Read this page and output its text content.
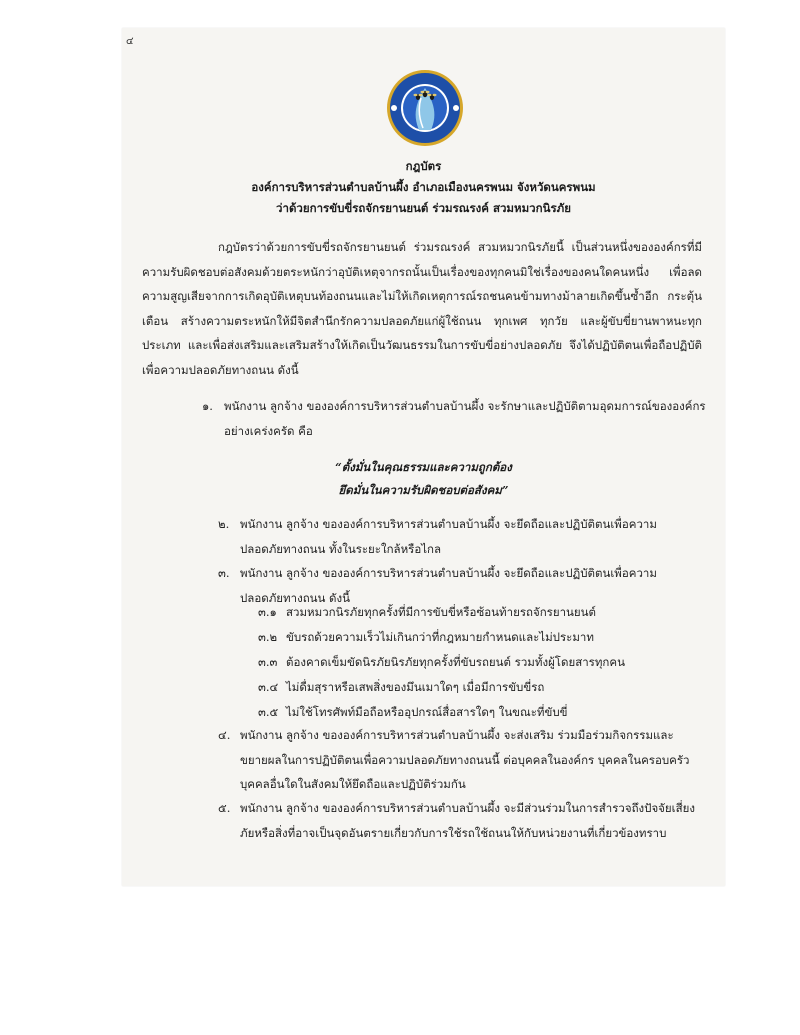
๔
กฎบัตร
องค์การบริหารส่วนตำบลบ้านผึ้ง อำเภอเมืองนครพนม จังหวัดนครพนม
ว่าด้วยการขับขี่รถจักรยานยนต์ ร่วมรณรงค์ สวมหมวกนิรภัย
กฎบัตรว่าด้วยการขับขี่รถจักรยานยนต์ ร่วมรณรงค์ สวมหมวกนิรภัยนี้ เป็นส่วนหนึ่งขององค์กรที่มีความรับผิดชอบต่อสังคมด้วยตระหนักว่าอุบัติเหตุจากรถนั้นเป็นเรื่องของทุกคนมิใช่เรื่องของคนใดคนหนึ่ง เพื่อลดความสูญเสียจากการเกิดอุบัติเหตุบนท้องถนนและไม่ให้เกิดเหตุการณ์รถชนคนข้ามทางม้าลายเกิดขึ้นซ้ำอีก กระตุ้นเตือน สร้างความตระหนักให้มีจิตสำนึกรักความปลอดภัยแก่ผู้ใช้ถนน ทุกเพศ ทุกวัย และผู้ขับขี่ยานพาหนะทุกประเภท และเพื่อส่งเสริมและเสริมสร้างให้เกิดเป็นวัฒนธรรมในการขับขี่อย่างปลอดภัย จึงได้ปฏิบัติตนเพื่อถือปฏิบัติเพื่อความปลอดภัยทางถนน ดังนี้
๑. พนักงาน ลูกจ้าง ขององค์การบริหารส่วนตำบลบ้านผึ้ง จะรักษาและปฏิบัติตามอุดมการณ์ขององค์กรอย่างเคร่งครัด คือ
“ตั้งมั่นในคุณธรรมและความถูกต้อง
ยึดมั่นในความรับผิดชอบต่อสังคม”
๒. พนักงาน ลูกจ้าง ขององค์การบริหารส่วนตำบลบ้านผึ้ง จะยึดถือและปฏิบัติตนเพื่อความปลอดภัยทางถนน ทั้งในระยะใกล้หรือไกล
๓. พนักงาน ลูกจ้าง ขององค์การบริหารส่วนตำบลบ้านผึ้ง จะยึดถือและปฏิบัติตนเพื่อความปลอดภัยทางถนน ดังนี้
๓.๑ สวมหมวกนิรภัยทุกครั้งที่มีการขับขี่หรือซ้อนท้ายรถจักรยานยนต์
๓.๒ ขับรถด้วยความเร็วไม่เกินกว่าที่กฎหมายกำหนดและไม่ประมาท
๓.๓ ต้องคาดเข็มขัดนิรภัยนิรภัยทุกครั้งที่ขับรถยนต์ รวมทั้งผู้โดยสารทุกคน
๓.๔ ไม่ดื่มสุราหรือเสพสิ่งของมึนเมาใดๆ เมื่อมีการขับขี่รถ
๓.๕ ไม่ใช้โทรศัพท์มือถือหรืออุปกรณ์สื่อสารใดๆ ในขณะที่ขับขี่
๔. พนักงาน ลูกจ้าง ขององค์การบริหารส่วนตำบลบ้านผึ้ง จะส่งเสริม ร่วมมือร่วมกิจกรรมและขยายผลในการปฏิบัติตนเพื่อความปลอดภัยทางถนนนี้ ต่อบุคคลในองค์กร บุคคลในครอบครัว บุคคลอื่นใดในสังคมให้ยึดถือและปฏิบัติร่วมกัน
๕. พนักงาน ลูกจ้าง ขององค์การบริหารส่วนตำบลบ้านผึ้ง จะมีส่วนร่วมในการสำรวจถึงปัจจัยเสี่ยงภัยหรือสิ่งที่อาจเป็นจุดอันตรายเกี่ยวกับการใช้รถใช้ถนนให้กับหน่วยงานที่เกี่ยวข้องทราบ
